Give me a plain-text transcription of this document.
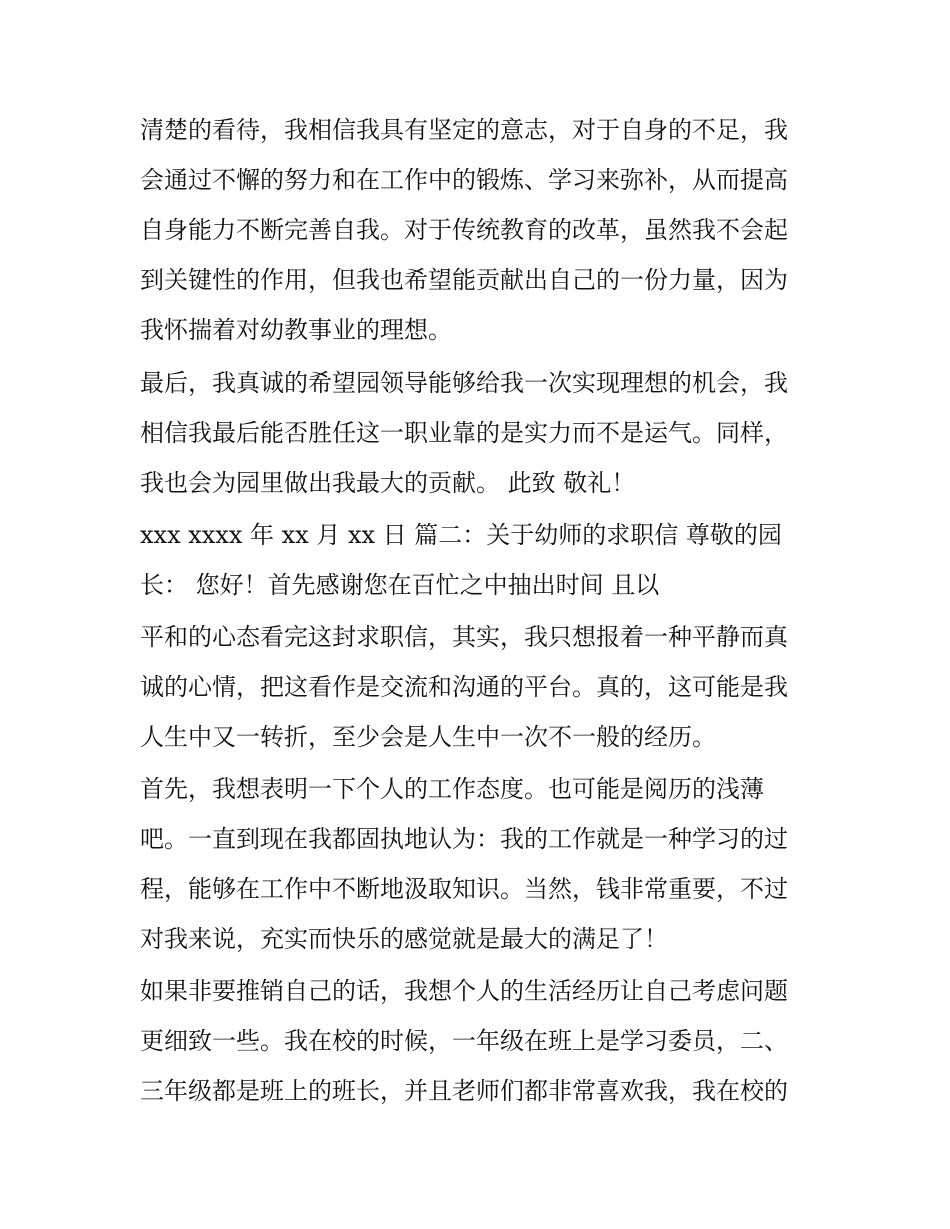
清楚的看待，我相信我具有坚定的意志，对于自身的不足，我
会通过不懈的努力和在工作中的锻炼、学习来弥补，从而提高
自身能力不断完善自我。对于传统教育的改革，虽然我不会起
到关键性的作用，但我也希望能贡献出自己的一份力量，因为
我怀揣着对幼教事业的理想。
最后，我真诚的希望园领导能够给我一次实现理想的机会，我
相信我最后能否胜任这一职业靠的是实力而不是运气。同样，
我也会为园里做出我最大的贡献。 此致 敬礼！
xxx xxxx 年 xx 月 xx 日 篇二：关于幼师的求职信 尊敬的园
长： 您好！首先感谢您在百忙之中抽出时间 且以
平和的心态看完这封求职信，其实，我只想报着一种平静而真
诚的心情，把这看作是交流和沟通的平台。真的，这可能是我
人生中又一转折，至少会是人生中一次不一般的经历。
首先，我想表明一下个人的工作态度。也可能是阅历的浅薄
吧。一直到现在我都固执地认为：我的工作就是一种学习的过
程，能够在工作中不断地汲取知识。当然，钱非常重要，不过
对我来说，充实而快乐的感觉就是最大的满足了！
如果非要推销自己的话，我想个人的生活经历让自己考虑问题
更细致一些。我在校的时候，一年级在班上是学习委员，二、
三年级都是班上的班长，并且老师们都非常喜欢我，我在校的
